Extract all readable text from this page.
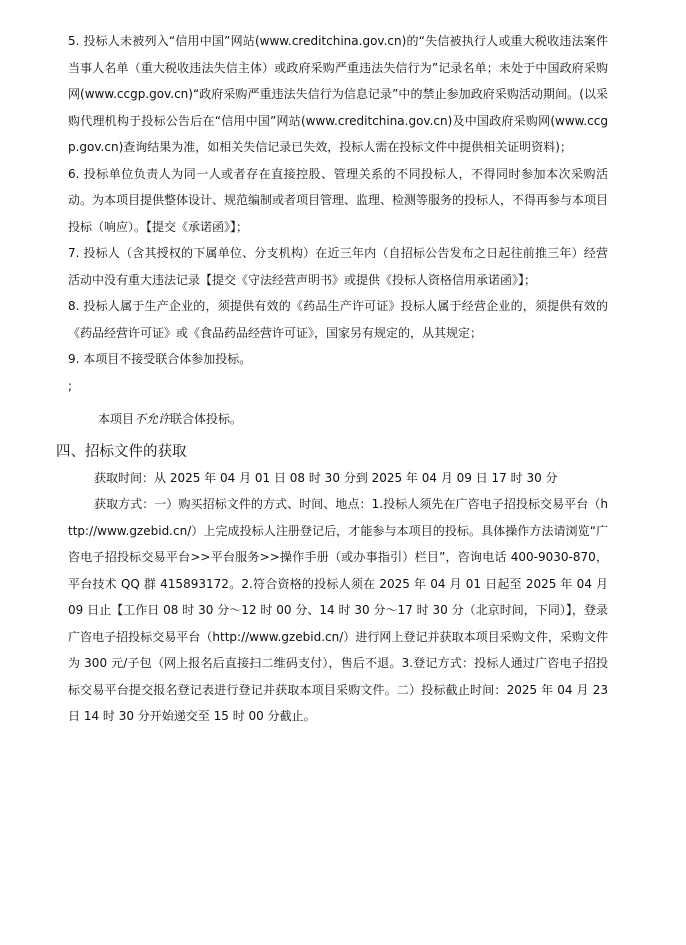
5. 投标人未被列入“信用中国”网站(www.creditchina.gov.cn)的“失信被执行人或重大税收违法案件当事人名单（重大税收违法失信主体）或政府采购严重违法失信行为”记录名单；未处于中国政府采购网(www.ccgp.gov.cn)“政府采购严重违法失信行为信息记录”中的禁止参加政府采购活动期间。(以采购代理机构于投标公告后在“信用中国”网站(www.creditchina.gov.cn)及中国政府采购网(www.ccgp.gov.cn)查询结果为准，如相关失信记录已失效，投标人需在投标文件中提供相关证明资料)；

6. 投标单位负责人为同一人或者存在直接控股、管理关系的不同投标人，不得同时参加本次采购活动。为本项目提供整体设计、规范编制或者项目管理、监理、检测等服务的投标人，不得再参与本项目投标（响应）。【提交《承诺函》】；

7. 投标人（含其授权的下属单位、分支机构）在近三年内（自招标公告发布之日起往前推三年）经营活动中没有重大违法记录【提交《守法经营声明书》或提供《投标人资格信用承诺函》】；

8. 投标人属于生产企业的，须提供有效的《药品生产许可证》投标人属于经营企业的，须提供有效的《药品经营许可证》或《食品药品经营许可证》，国家另有规定的，从其规定；

9. 本项目不接受联合体参加投标。

;

本项目不允许联合体投标。

四、招标文件的获取

获取时间：从 2025 年 04 月 01 日 08 时 30 分到 2025 年 04 月 09 日 17 时 30 分

获取方式：一）购买招标文件的方式、时间、地点：1.投标人须先在广咨电子招投标交易平台（http://www.gzebid.cn/）上完成投标人注册登记后，才能参与本项目的投标。具体操作方法请浏览“广咨电子招投标交易平台>>平台服务>>操作手册（或办事指引）栏目”，咨询电话 400-9030-870，平台技术 QQ 群 415893172。2.符合资格的投标人须在 2025 年 04 月 01 日起至 2025 年 04 月 09 日止【工作日 08 时 30 分～12 时 00 分、14 时 30 分～17 时 30 分（北京时间，下同）】，登录广咨电子招投标交易平台（http://www.gzebid.cn/）进行网上登记并获取本项目采购文件，采购文件为 300 元/子包（网上报名后直接扫二维码支付），售后不退。3.登记方式：投标人通过广咨电子招投标交易平台提交报名登记表进行登记并获取本项目采购文件。二）投标截止时间：2025 年 04 月 23 日 14 时 30 分开始递交至 15 时 00 分截止。
